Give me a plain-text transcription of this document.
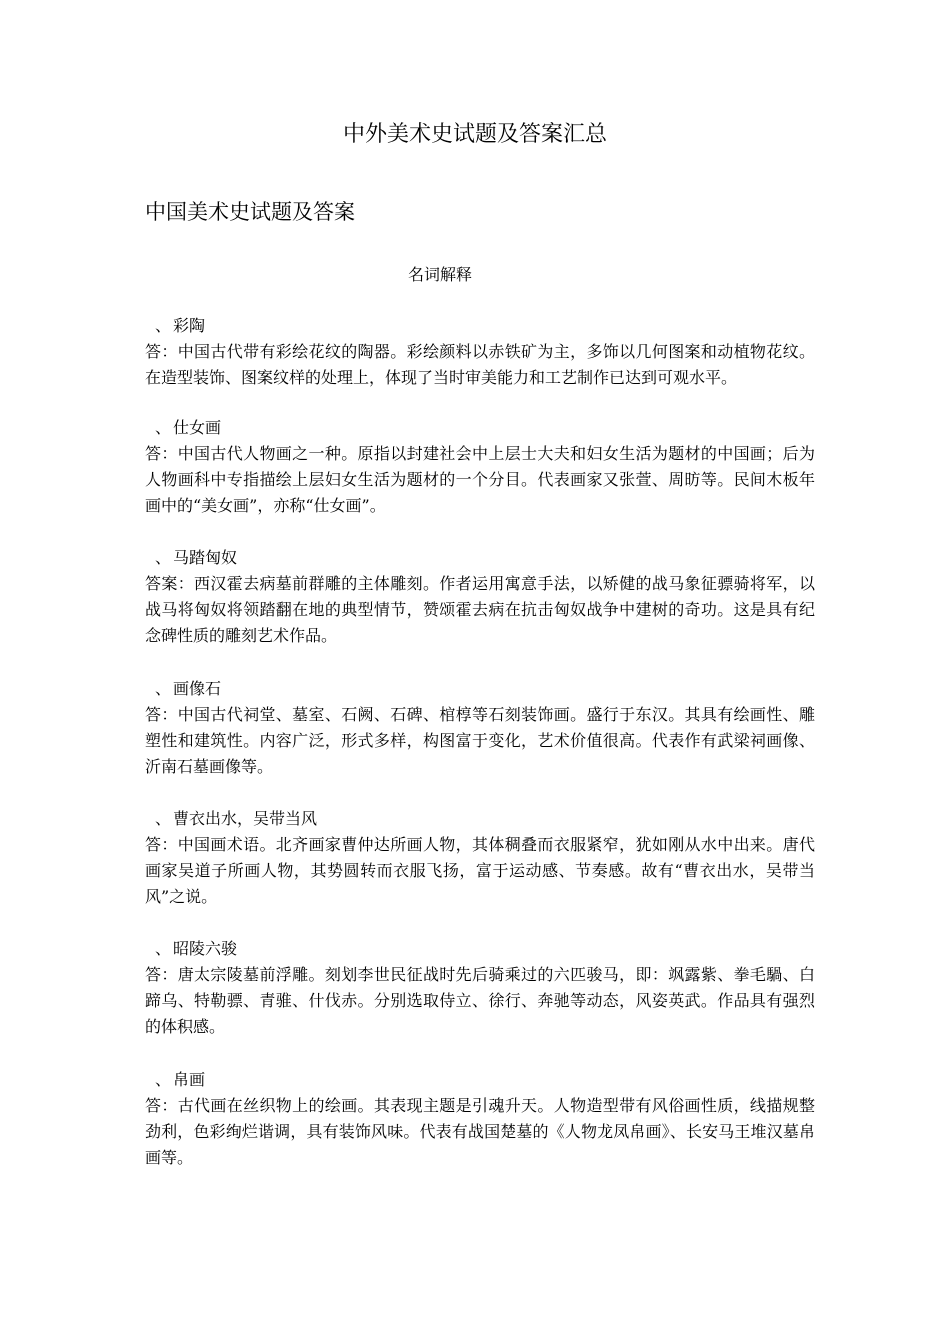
中外美术史试题及答案汇总
中国美术史试题及答案
名词解释
、 彩陶
答：中国古代带有彩绘花纹的陶器。彩绘颜料以赤铁矿为主，多饰以几何图案和动植物花纹。在造型装饰、图案纹样的处理上，体现了当时审美能力和工艺制作已达到可观水平。
、 仕女画
答：中国古代人物画之一种。原指以封建社会中上层士大夫和妇女生活为题材的中国画；后为人物画科中专指描绘上层妇女生活为题材的一个分目。代表画家又张萱、周昉等。民间木板年画中的“美女画”，亦称“仕女画”。
、 马踏匈奴
答案：西汉霍去病墓前群雕的主体雕刻。作者运用寓意手法，以矫健的战马象征骠骑将军，以战马将匈奴将领踏翻在地的典型情节，赞颂霍去病在抗击匈奴战争中建树的奇功。这是具有纪念碑性质的雕刻艺术作品。
、 画像石
答：中国古代祠堂、墓室、石阙、石碑、棺椁等石刻装饰画。盛行于东汉。其具有绘画性、雕塑性和建筑性。内容广泛，形式多样，构图富于变化，艺术价值很高。代表作有武梁祠画像、沂南石墓画像等。
、 曹衣出水，吴带当风
答：中国画术语。北齐画家曹仲达所画人物，其体稠叠而衣服紧窄，犹如刚从水中出来。唐代画家吴道子所画人物，其势圆转而衣服飞扬，富于运动感、节奏感。故有“曹衣出水，吴带当风”之说。
、 昭陵六骏
答：唐太宗陵墓前浮雕。刻划李世民征战时先后骑乘过的六匹骏马，即：飒露紫、拳毛騧、白蹄乌、特勒骠、青骓、什伐赤。分别选取侍立、徐行、奔驰等动态，风姿英武。作品具有强烈的体积感。
、 帛画
答：古代画在丝织物上的绘画。其表现主题是引魂升天。人物造型带有风俗画性质，线描规整劲利，色彩绚烂谐调，具有装饰风味。代表有战国楚墓的《人物龙凤帛画》、长安马王堆汉墓帛画等。
